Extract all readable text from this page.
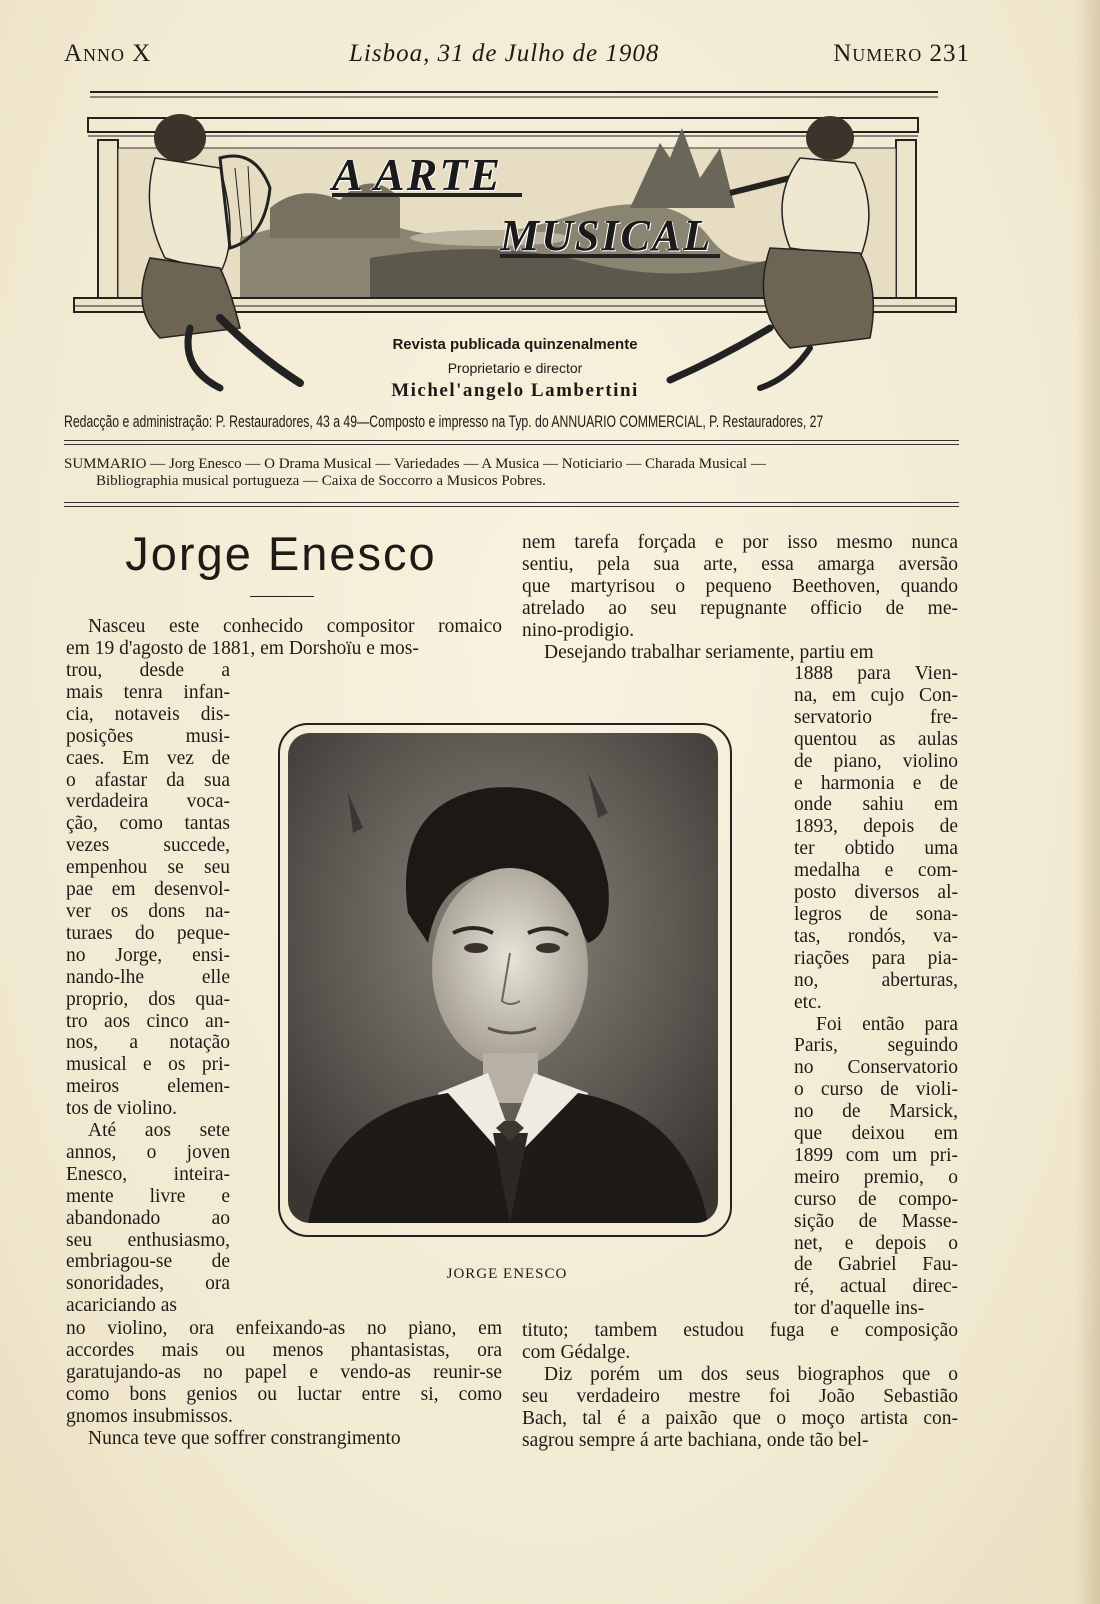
Anno X	Lisboa, 31 de Julho de 1908	Numero 231
A ARTE
MUSICAL
Revista publicada quinzenalmente
Proprietario e director
Michel'angelo Lambertini
Redacção e administração: P. Restauradores, 43 a 49—Composto e impresso na Typ. do ANNUARIO COMMERCIAL, P. Restauradores, 27
SUMMARIO — Jorg Enesco — O Drama Musical — Variedades — A Musica — Noticiario — Charada Musical —
Bibliographia musical portugueza — Caixa de Soccorro a Musicos Pobres.
Jorge Enesco
Nasceu este conhecido compositor romaico
em 19 d'agosto de 1881, em Dorshoïu e mos-
trou, desde a
mais tenra infan-
cia, notaveis dis-
posições musi-
caes. Em vez de
o afastar da sua
verdadeira voca-
ção, como tantas
vezes succede,
empenhou se seu
pae em desenvol-
ver os dons na-
turaes do peque-
no Jorge, ensi-
nando-lhe elle
proprio, dos qua-
tro aos cinco an-
nos, a notação
musical e os pri-
meiros elemen-
tos de violino.
Até aos sete
annos, o joven
Enesco, inteira-
mente livre e
abandonado ao
seu enthusiasmo,
embriagou-se de
sonoridades, ora
acariciando as
no violino, ora enfeixando-as no piano, em
accordes mais ou menos phantasistas, ora
garatujando-as no papel e vendo-as reunir-se
como bons genios ou luctar entre si, como
gnomos insubmissos.
Nunca teve que soffrer constrangimento
nem tarefa forçada e por isso mesmo nunca
sentiu, pela sua arte, essa amarga aversão
que martyrisou o pequeno Beethoven, quando
atrelado ao seu repugnante officio de me-
nino-prodigio.
Desejando trabalhar seriamente, partiu em
1888 para Vien-
na, em cujo Con-
servatorio fre-
quentou as aulas
de piano, violino
e harmonia e de
onde sahiu em
1893, depois de
ter obtido uma
medalha e com-
posto diversos al-
legros de sona-
tas, rondós, va-
riações para pia-
no, aberturas,
etc.
Foi então para
Paris, seguindo
no Conservatorio
o curso de violi-
no de Marsick,
que deixou em
1899 com um pri-
meiro premio, o
curso de compo-
sição de Masse-
net, e depois o
de Gabriel Fau-
ré, actual direc-
tor d'aquelle ins-
tituto; tambem estudou fuga e composição
com Gédalge.
Diz porém um dos seus biographos que o
seu verdadeiro mestre foi João Sebastião
Bach, tal é a paixão que o moço artista con-
sagrou sempre á arte bachiana, onde tão bel-
JORGE ENESCO
